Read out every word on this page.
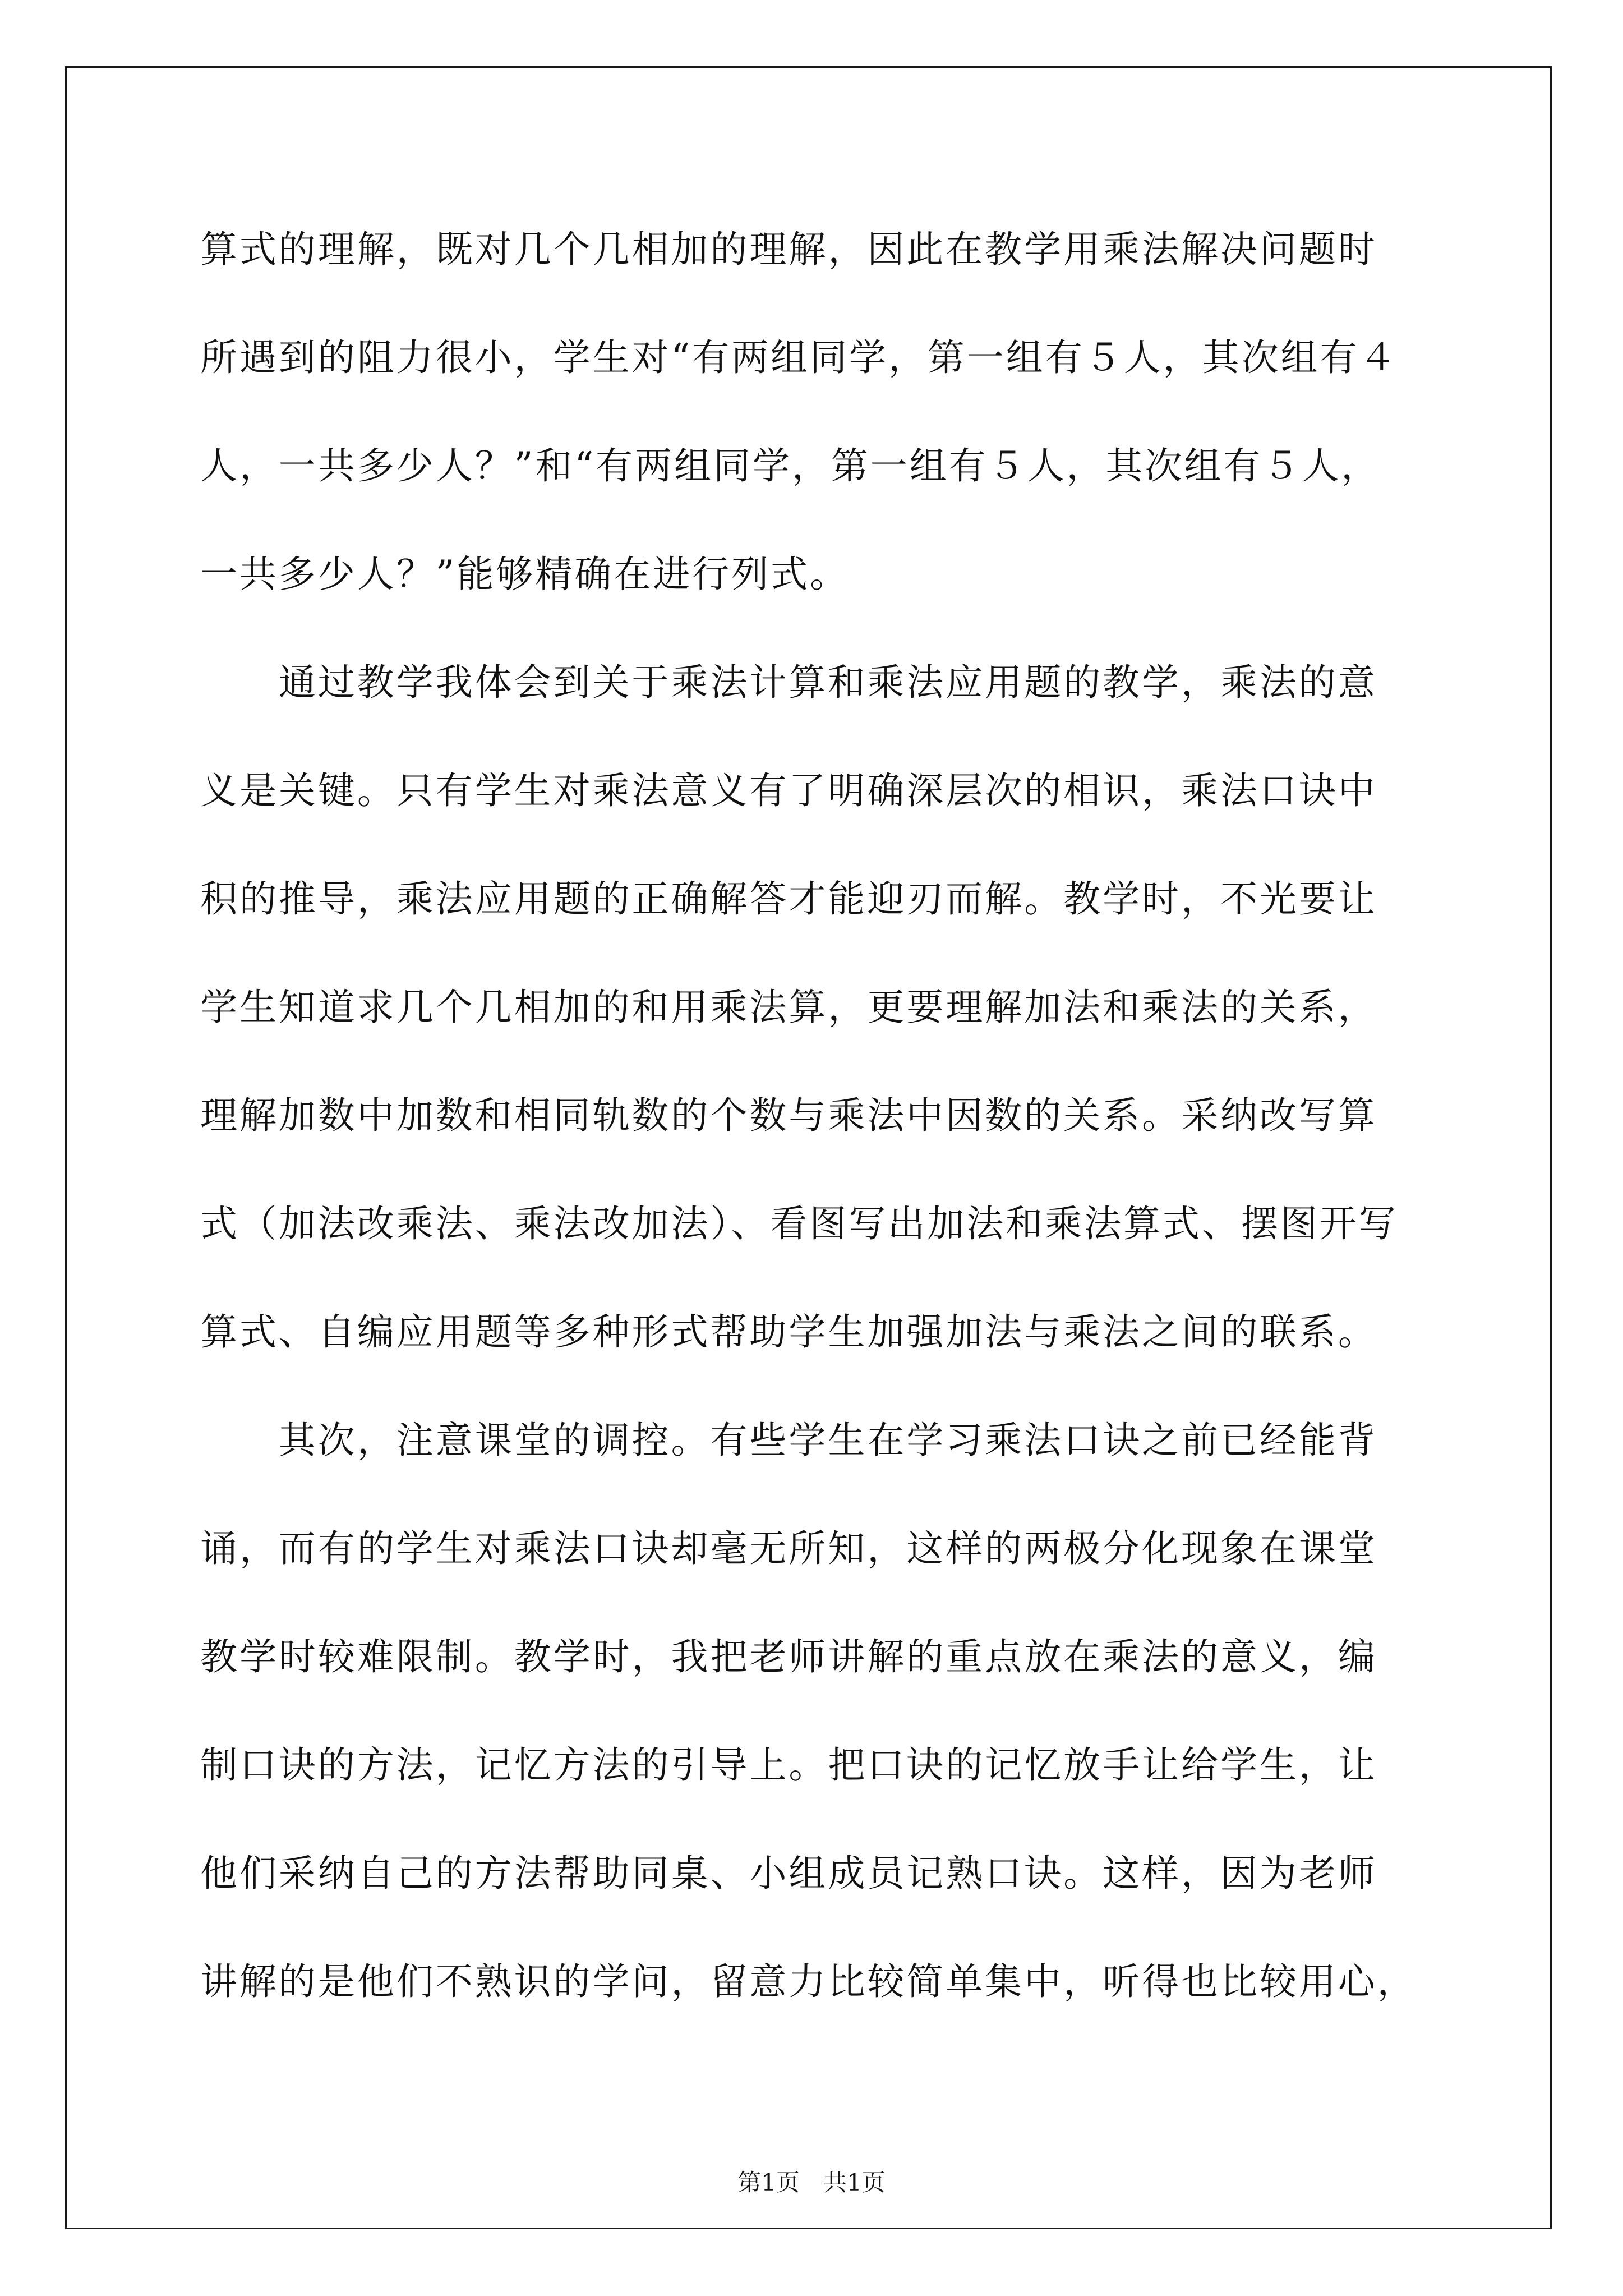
算式的理解，既对几个几相加的理解，因此在教学用乘法解决问题时
所遇到的阻力很小，学生对“有两组同学，第一组有５人，其次组有４
人，一共多少人？”和“有两组同学，第一组有５人，其次组有５人，
一共多少人？”能够精确在进行列式。
　　通过教学我体会到关于乘法计算和乘法应用题的教学，乘法的意
义是关键。只有学生对乘法意义有了明确深层次的相识，乘法口诀中
积的推导，乘法应用题的正确解答才能迎刃而解。教学时，不光要让
学生知道求几个几相加的和用乘法算，更要理解加法和乘法的关系，
理解加数中加数和相同轨数的个数与乘法中因数的关系。采纳改写算
式（加法改乘法、乘法改加法）、看图写出加法和乘法算式、摆图开写
算式、自编应用题等多种形式帮助学生加强加法与乘法之间的联系。
　　其次，注意课堂的调控。有些学生在学习乘法口诀之前已经能背
诵，而有的学生对乘法口诀却毫无所知，这样的两极分化现象在课堂
教学时较难限制。教学时，我把老师讲解的重点放在乘法的意义，编
制口诀的方法，记忆方法的引导上。把口诀的记忆放手让给学生，让
他们采纳自己的方法帮助同桌、小组成员记熟口诀。这样，因为老师
讲解的是他们不熟识的学问，留意力比较简单集中，听得也比较用心，
第1页　共1页
